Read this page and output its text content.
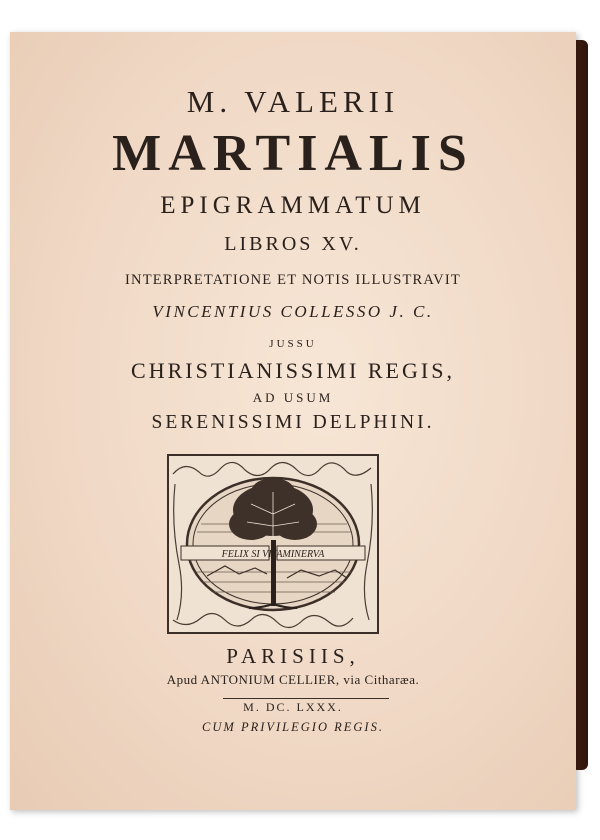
M. VALERII
MARTIALIS
EPIGRAMMATUM
LIBROS XV.
INTERPRETATIONE ET NOTIS ILLUSTRAVIT
VINCENTIUS COLLESSO J. C.
JUSSU
CHRISTIANISSIMI REGIS,
AD USUM
SERENISSIMI DELPHINI.
FELIX SI VITAMINERVA
PARISIIS,
Apud ANTONIUM CELLIER, via Citharæa.
M. DC. LXXX.
CUM PRIVILEGIO REGIS.
